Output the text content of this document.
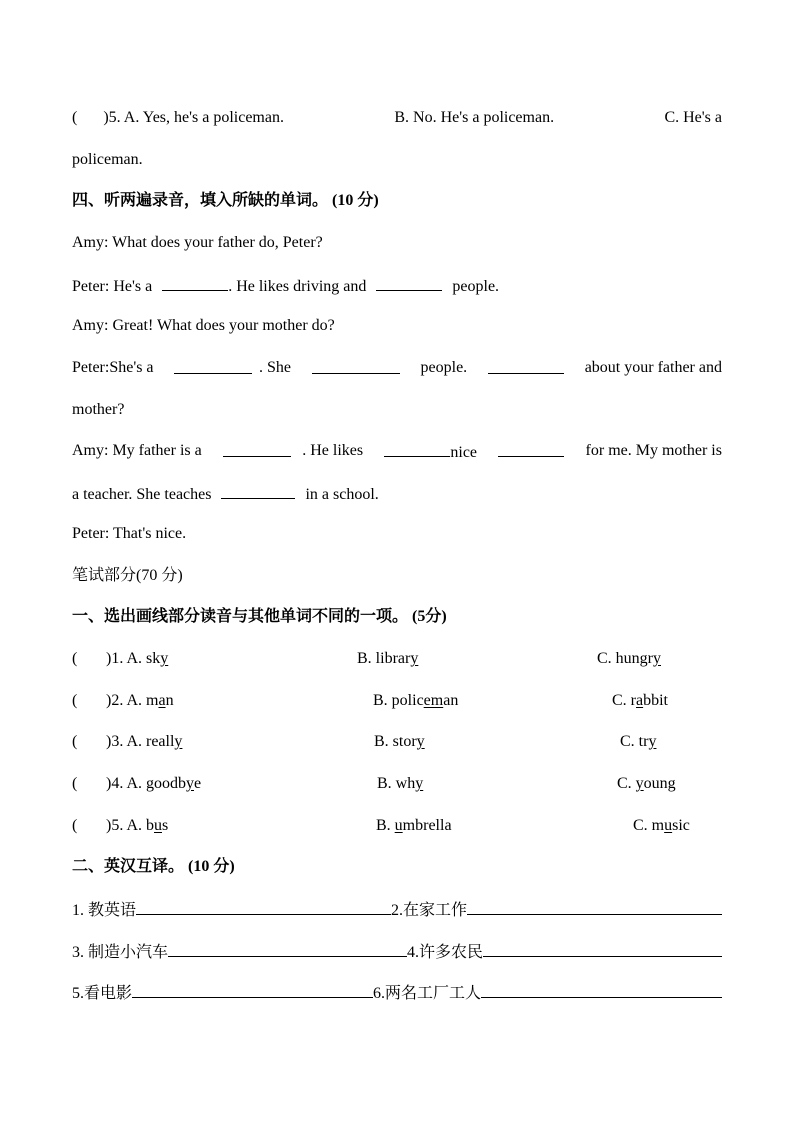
( )5. A. Yes, he's a policeman.	B. No. He's a policeman.	C. He's a
policeman.
四、听两遍录音，填入所缺的单词。 (10 分)
Amy: What does your father do, Peter?
Peter: He's a	. He likes driving and	people.
Amy: Great! What does your mother do?
Peter:She's a	. She	people.	about your father and
mother?
Amy: My father is a	. He likes	nice	for me. My mother is
a teacher. She teaches	in a school.
Peter: That's nice.
笔试部分(70 分)
一、选出画线部分读音与其他单词不同的一项。 (5分)
( )1. A. sky	B. library	C. hungry
( )2. A. man	B. policeman	C. rabbit
( )3. A. really	B. story	C. try
( )4. A. goodbye	B. why	C. young
( )5. A. bus	B. umbrella	C. music
二、英汉互译。 (10 分)
1. 教英语	2.在家工作
3. 制造小汽车	4.许多农民
5.看电影	6.两名工厂工人
